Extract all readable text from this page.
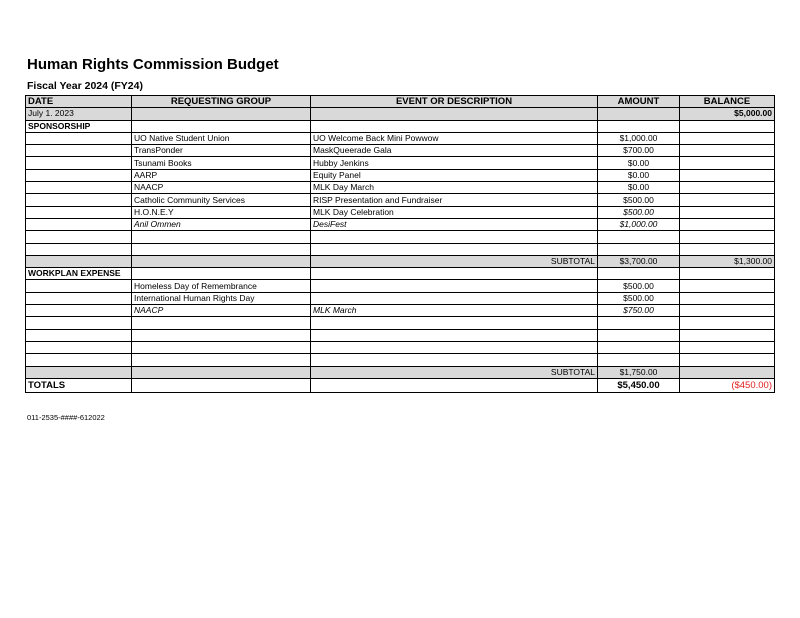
Human Rights Commission Budget
Fiscal Year 2024 (FY24)
DATE	REQUESTING GROUP	EVENT OR DESCRIPTION	AMOUNT	BALANCE
July 1. 2023				$5,000.00
SPONSORSHIP				
	UO Native Student Union	UO Welcome Back Mini Powwow	$1,000.00	
	TransPonder	MaskQueerade Gala	$700.00	
	Tsunami Books	Hubby Jenkins	$0.00	
	AARP	Equity Panel	$0.00	
	NAACP	MLK Day March	$0.00	
	Catholic Community Services	RISP Presentation and Fundraiser	$500.00	
	H.O.N.E.Y	MLK Day Celebration	$500.00	
	Anil Ommen	DesiFest	$1,000.00	

		SUBTOTAL	$3,700.00	$1,300.00
WORKPLAN EXPENSE				
	Homeless Day of Remembrance		$500.00	
	International Human Rights Day		$500.00	
	NAACP	MLK March	$750.00	

		SUBTOTAL	$1,750.00	
TOTALS			$5,450.00	($450.00)
011-2535-####-612022
